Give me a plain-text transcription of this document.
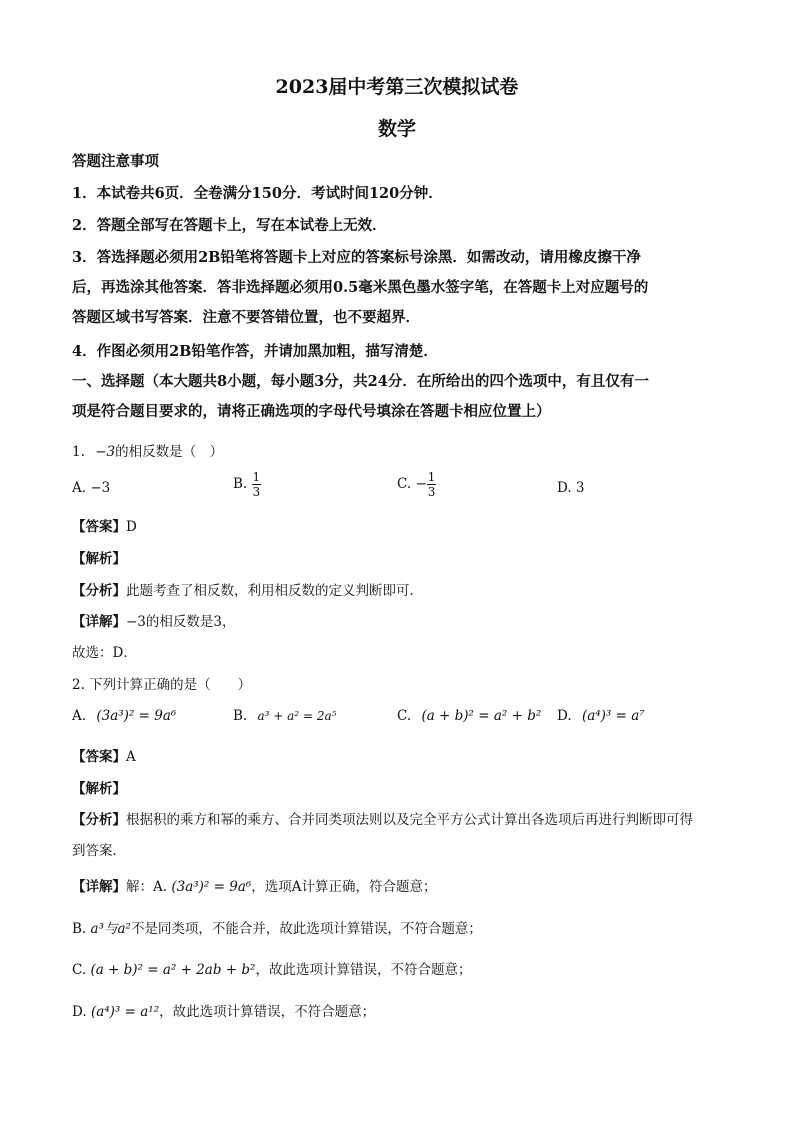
2023届中考第三次模拟试卷
数学
答题注意事项
1．本试卷共6页．全卷满分150分．考试时间120分钟．
2．答题全部写在答题卡上，写在本试卷上无效．
3．答选择题必须用2B铅笔将答题卡上对应的答案标号涂黑．如需改动，请用橡皮擦干净
后，再选涂其他答案．答非选择题必须用0.5毫米黑色墨水签字笔，在答题卡上对应题号的
答题区域书写答案．注意不要答错位置，也不要超界．
4．作图必须用2B铅笔作答，并请加黑加粗，描写清楚．
一、选择题（本大题共8小题，每小题3分，共24分．在所给出的四个选项中，有且仅有一
项是符合题目要求的，请将正确选项的字母代号填涂在答题卡相应位置上）
1. −3的相反数是（　）
A. −3	B. $\frac{1}{3}$	C. − $\frac{1}{3}$	D. 3
【答案】D
【解析】
【分析】此题考查了相反数，利用相反数的定义判断即可．
【详解】−3的相反数是3，
故选：D．
2. 下列计算正确的是（　　）
A. (3a³)² = 9a⁶	B. a³ + a² = 2a⁵	C. (a + b)² = a² + b² D. (a⁴)³ = a⁷
【答案】A
【解析】
【分析】根据积的乘方和幂的乘方、合并同类项法则以及完全平方公式计算出各选项后再进行判断即可得
到答案．
【详解】解：A. (3a³)² = 9a⁶，选项A计算正确，符合题意；
B. a³与a²不是同类项，不能合并，故此选项计算错误，不符合题意；
C. (a + b)² = a² + 2ab + b²，故此选项计算错误，不符合题意；
D. (a⁴)³ = a¹²，故此选项计算错误，不符合题意；
